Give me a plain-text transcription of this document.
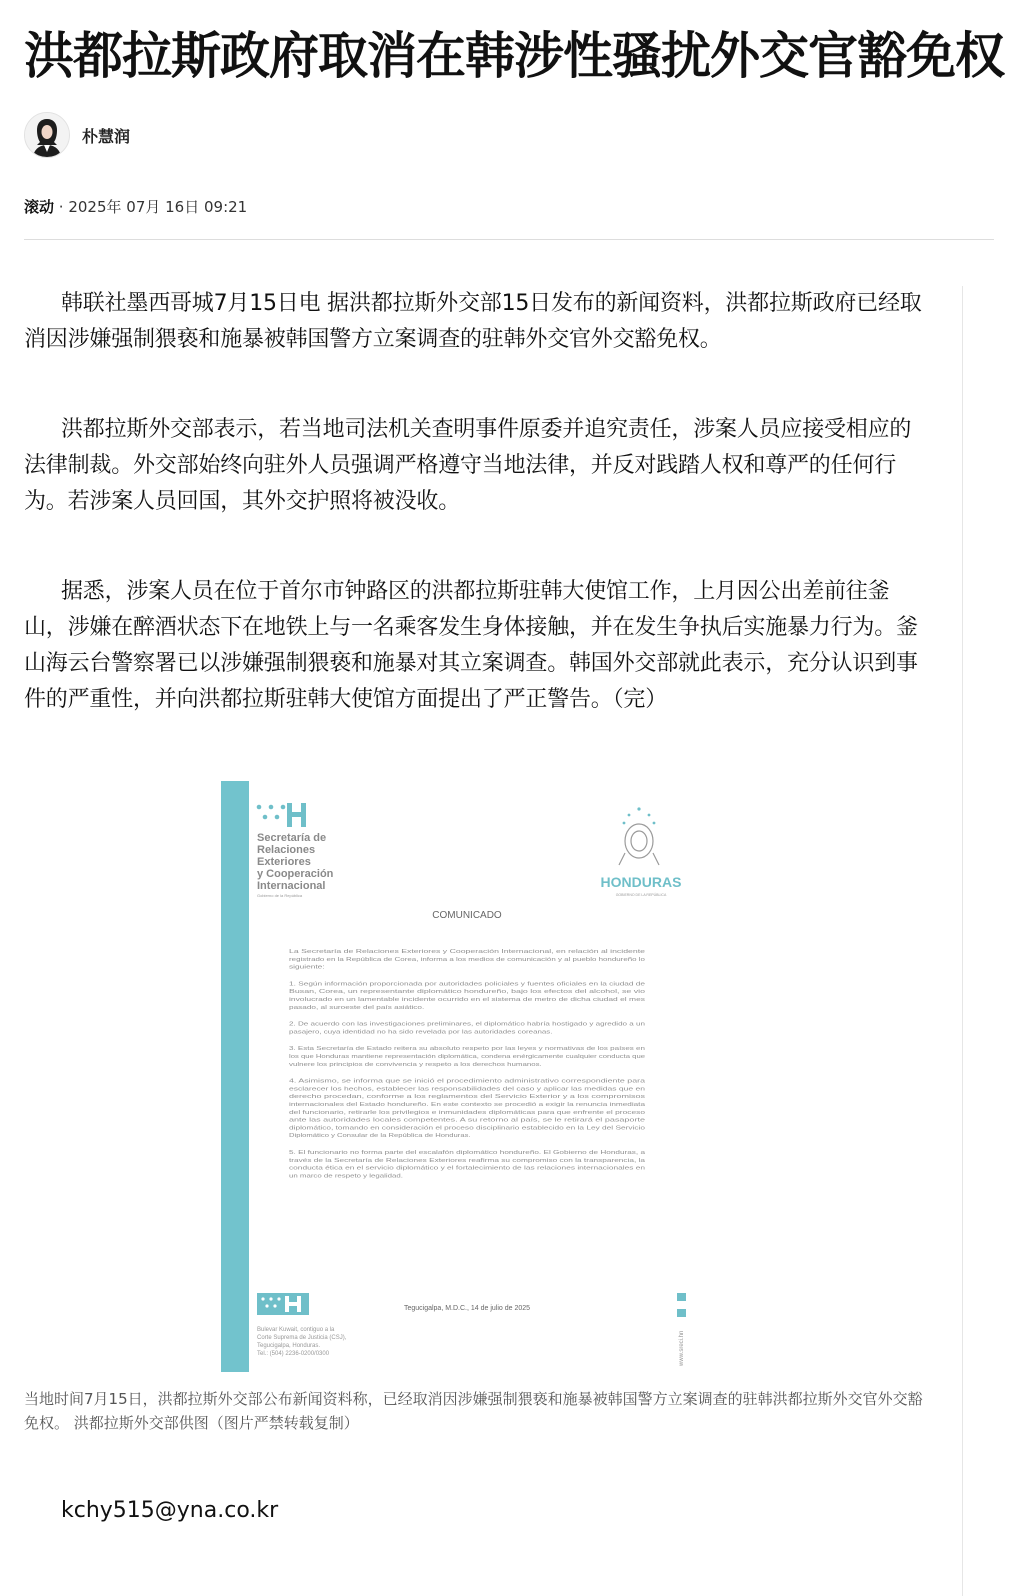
洪都拉斯政府取消在韩涉性骚扰外交官豁免权
朴慧润
滚动 · 2025年 07月 16日 09:21

韩联社墨西哥城7月15日电 据洪都拉斯外交部15日发布的新闻资料，洪都拉斯政府已经取消因涉嫌强制猥亵和施暴被韩国警方立案调查的驻韩外交官外交豁免权。

洪都拉斯外交部表示，若当地司法机关查明事件原委并追究责任，涉案人员应接受相应的法律制裁。外交部始终向驻外人员强调严格遵守当地法律，并反对践踏人权和尊严的任何行为。若涉案人员回国，其外交护照将被没收。

据悉，涉案人员在位于首尔市钟路区的洪都拉斯驻韩大使馆工作，上月因公出差前往釜山，涉嫌在醉酒状态下在地铁上与一名乘客发生身体接触，并在发生争执后实施暴力行为。釜山海云台警察署已以涉嫌强制猥亵和施暴对其立案调查。韩国外交部就此表示，充分认识到事件的严重性，并向洪都拉斯驻韩大使馆方面提出了严正警告。（完）

Secretaría de
Relaciones
Exteriores
y Cooperación
Internacional
Gobierno de la República
HONDURAS
GOBIERNO DE LA REPÚBLICA
COMUNICADO
La Secretaría de Relaciones Exteriores y Cooperación Internacional, en relación al incidente
registrado en la República de Corea, informa a los medios de comunicación y al pueblo hondureño lo
siguiente:
1. Según información proporcionada por autoridades policiales y fuentes oficiales en la ciudad de
Busan, Corea, un representante diplomático hondureño, bajo los efectos del alcohol, se vio
involucrado en un lamentable incidente ocurrido en el sistema de metro de dicha ciudad el mes
pasado, al suroeste del país asiático.
2. De acuerdo con las investigaciones preliminares, el diplomático habría hostigado y agredido a un
pasajero, cuya identidad no ha sido revelada por las autoridades coreanas.
3. Esta Secretaría de Estado reitera su absoluto respeto por las leyes y normativas de los países en
los que Honduras mantiene representación diplomática, condena enérgicamente cualquier conducta que
vulnere los principios de convivencia y respeto a los derechos humanos.
4. Asimismo, se informa que se inició el procedimiento administrativo correspondiente para
esclarecer los hechos, establecer las responsabilidades del caso y aplicar las medidas que en
derecho procedan, conforme a los reglamentos del Servicio Exterior y a los compromisos
internacionales del Estado hondureño. En este contexto se procedió a exigir la renuncia inmediata
del funcionario, retirarle los privilegios e inmunidades diplomáticas para que enfrente el proceso
ante las autoridades locales competentes. A su retorno al país, se le retirará el pasaporte
diplomático, tomando en consideración el proceso disciplinario establecido en la Ley del Servicio
Diplomático y Consular de la República de Honduras.
5. El funcionario no forma parte del escalafón diplomático hondureño. El Gobierno de Honduras, a
través de la Secretaría de Relaciones Exteriores reafirma su compromiso con la transparencia, la
conducta ética en el servicio diplomático y el fortalecimiento de las relaciones internacionales en
un marco de respeto y legalidad.
Tegucigalpa, M.D.C., 14 de julio de 2025
Bulevar Kuwait, contiguo a la
Corte Suprema de Justicia (CSJ),
Tegucigalpa, Honduras.
Tel.: (504) 2236-0200/0300	www.sreci.hn
当地时间7月15日，洪都拉斯外交部公布新闻资料称，已经取消因涉嫌强制猥亵和施暴被韩国警方立案调查的驻韩洪都拉斯外交官外交豁免权。 洪都拉斯外交部供图（图片严禁转载复制）
kchy515@yna.co.kr
